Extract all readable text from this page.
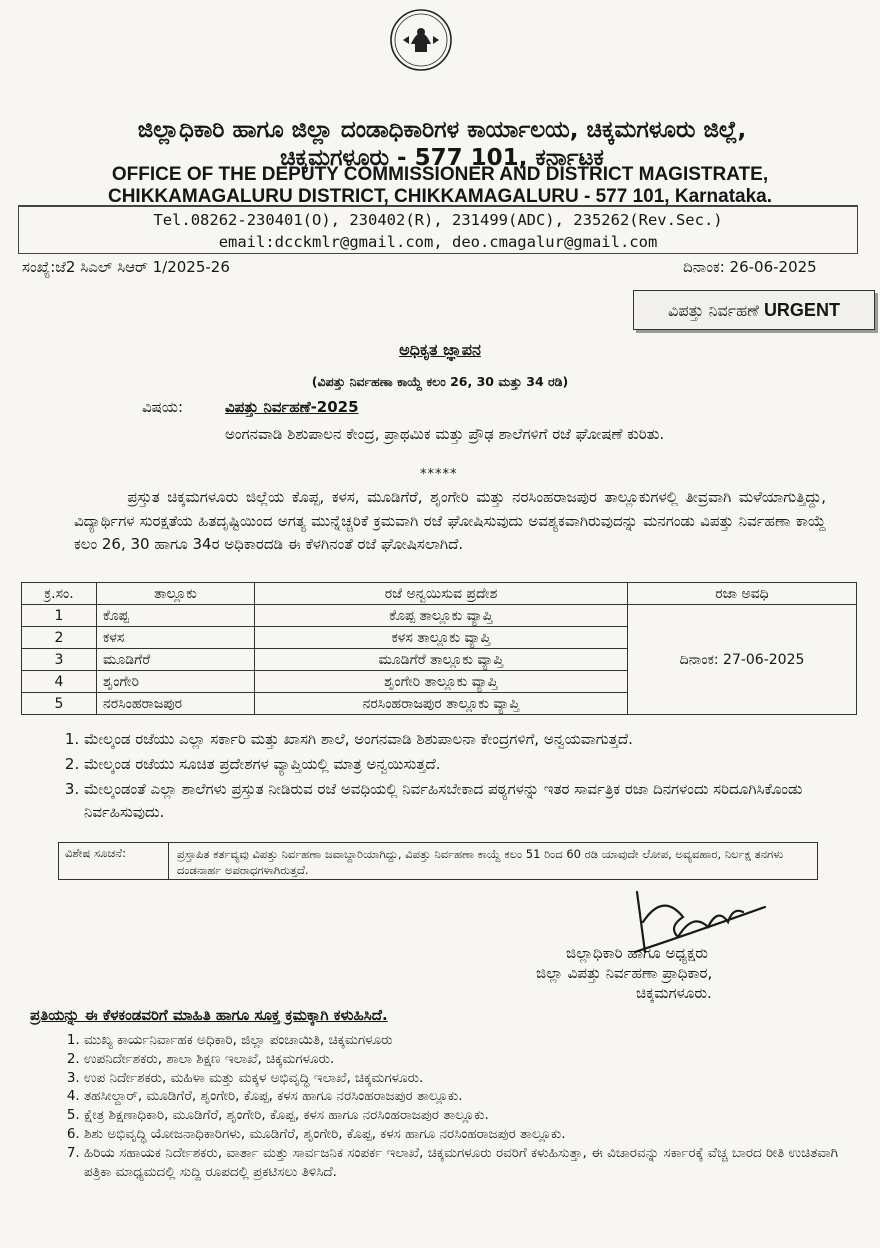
ಜಿಲ್ಲಾಧಿಕಾರಿ ಹಾಗೂ ಜಿಲ್ಲಾ ದಂಡಾಧಿಕಾರಿಗಳ ಕಾರ್ಯಾಲಯ, ಚಿಕ್ಕಮಗಳೂರು ಜಿಲ್ಲೆ,
ಚಿಕ್ಕಮಗಳೂರು - 577 101, ಕರ್ನಾಟಕ
OFFICE OF THE DEPUTY COMMISSIONER AND DISTRICT MAGISTRATE,
CHIKKAMAGALURU DISTRICT, CHIKKAMAGALURU - 577 101, Karnataka.
Tel.08262-230401(O), 230402(R), 231499(ADC), 235262(Rev.Sec.)
email:dcckmlr@gmail.com, deo.cmagalur@gmail.com
ಸಂಖ್ಯೆ:ಜೆ2 ಸಿಎಲ್ ಸಿಆರ್ 1/2025-26	ದಿನಾಂಕ: 26-06-2025
ವಿಪತ್ತು ನಿರ್ವಹಣೆ URGENT
ಅಧಿಕೃತ ಜ್ಞಾಪನ
(ವಿಪತ್ತು ನಿರ್ವಹಣಾ ಕಾಯ್ದೆ ಕಲಂ 26, 30 ಮತ್ತು 34 ರಡಿ)
ವಿಷಯ:	ವಿಪತ್ತು ನಿರ್ವಹಣೆ-2025
ಅಂಗನವಾಡಿ ಶಿಶುಪಾಲನ ಕೇಂದ್ರ, ಪ್ರಾಥಮಿಕ ಮತ್ತು ಪ್ರೌಢ ಶಾಲೆಗಳಿಗೆ ರಜೆ ಘೋಷಣೆ ಕುರಿತು.
*****
ಪ್ರಸ್ತುತ ಚಿಕ್ಕಮಗಳೂರು ಜಿಲ್ಲೆಯ ಕೊಪ್ಪ, ಕಳಸ, ಮೂಡಿಗೆರೆ, ಶೃಂಗೇರಿ ಮತ್ತು ನರಸಿಂಹರಾಜಪುರ ತಾಲ್ಲೂಕುಗಳಲ್ಲಿ ತೀವ್ರವಾಗಿ ಮಳೆಯಾಗುತ್ತಿದ್ದು, ವಿದ್ಯಾರ್ಥಿಗಳ ಸುರಕ್ಷತೆಯ ಹಿತದೃಷ್ಟಿಯಿಂದ ಅಗತ್ಯ ಮುನ್ನೆಚ್ಚರಿಕೆ ಕ್ರಮವಾಗಿ ರಜೆ ಘೋಷಿಸುವುದು ಅವಶ್ಯಕವಾಗಿರುವುದನ್ನು ಮನಗಂಡು ವಿಪತ್ತು ನಿರ್ವಹಣಾ ಕಾಯ್ದೆ ಕಲಂ 26, 30 ಹಾಗೂ 34ರ ಅಧಿಕಾರದಡಿ ಈ ಕೆಳಗಿನಂತೆ ರಜೆ ಘೋಷಿಸಲಾಗಿದೆ.
ಕ್ರ.ಸಂ.	ತಾಲ್ಲೂಕು	ರಜೆ ಅನ್ವಯಿಸುವ ಪ್ರದೇಶ	ರಜಾ ಅವಧಿ
1	ಕೊಪ್ಪ	ಕೊಪ್ಪ ತಾಲ್ಲೂಕು ವ್ಯಾಪ್ತಿ	ದಿನಾಂಕ: 27-06-2025
2	ಕಳಸ	ಕಳಸ ತಾಲ್ಲೂಕು ವ್ಯಾಪ್ತಿ	
3	ಮೂಡಿಗೆರೆ	ಮೂಡಿಗೆರೆ ತಾಲ್ಲೂಕು ವ್ಯಾಪ್ತಿ	
4	ಶೃಂಗೇರಿ	ಶೃಂಗೇರಿ ತಾಲ್ಲೂಕು ವ್ಯಾಪ್ತಿ	
5	ನರಸಿಂಹರಾಜಪುರ	ನರಸಿಂಹರಾಜಪುರ ತಾಲ್ಲೂಕು ವ್ಯಾಪ್ತಿ	
1. ಮೇಲ್ಕಂಡ ರಜೆಯು ಎಲ್ಲಾ ಸರ್ಕಾರಿ ಮತ್ತು ಖಾಸಗಿ ಶಾಲೆ, ಅಂಗನವಾಡಿ ಶಿಶುಪಾಲನಾ ಕೇಂದ್ರಗಳಿಗೆ, ಅನ್ವಯವಾಗುತ್ತದೆ.
2. ಮೇಲ್ಕಂಡ ರಜೆಯು ಸೂಚಿತ ಪ್ರದೇಶಗಳ ವ್ಯಾಪ್ತಿಯಲ್ಲಿ ಮಾತ್ರ ಅನ್ವಯಿಸುತ್ತದೆ.
3. ಮೇಲ್ಕಂಡಂತೆ ಎಲ್ಲಾ ಶಾಲೆಗಳು ಪ್ರಸ್ತುತ ನೀಡಿರುವ ರಜೆ ಅವಧಿಯಲ್ಲಿ ನಿರ್ವಹಿಸಬೇಕಾದ ಪಠ್ಯಗಳನ್ನು ಇತರ ಸಾರ್ವತ್ರಿಕ ರಜಾ ದಿನಗಳಂದು ಸರಿದೂಗಿಸಿಕೊಂಡು ನಿರ್ವಹಿಸುವುದು.
ವಿಶೇಷ ಸೂಚನೆ:	ಪ್ರಸ್ತಾಪಿತ ಕರ್ತವ್ಯವು ವಿಪತ್ತು ನಿರ್ವಹಣಾ ಜವಾಬ್ದಾರಿಯಾಗಿದ್ದು, ವಿಪತ್ತು ನಿರ್ವಹಣಾ ಕಾಯ್ದೆ ಕಲಂ 51 ರಿಂದ 60 ರಡಿ ಯಾವುದೇ ಲೋಪ, ಅವ್ಯವಹಾರ, ನಿರ್ಲಕ್ಷ ತನಗಳು ದಂಡನಾರ್ಹ ಅಪರಾಧಗಳಾಗಿರುತ್ತದೆ.
ಜಿಲ್ಲಾಧಿಕಾರಿ ಹಾಗೂ ಅಧ್ಯಕ್ಷರು
ಜಿಲ್ಲಾ ವಿಪತ್ತು ನಿರ್ವಹಣಾ ಪ್ರಾಧಿಕಾರ,
ಚಿಕ್ಕಮಗಳೂರು.
ಪ್ರತಿಯನ್ನು ಈ ಕೆಳಕಂಡವರಿಗೆ ಮಾಹಿತಿ ಹಾಗೂ ಸೂಕ್ತ ಕ್ರಮಕ್ಕಾಗಿ ಕಳುಹಿಸಿದೆ.
1. ಮುಖ್ಯ ಕಾರ್ಯನಿರ್ವಾಹಕ ಅಧಿಕಾರಿ, ಜಿಲ್ಲಾ ಪಂಚಾಯಿತಿ, ಚಿಕ್ಕಮಗಳೂರು
2. ಉಪನಿರ್ದೇಶಕರು, ಶಾಲಾ ಶಿಕ್ಷಣ ಇಲಾಖೆ, ಚಿಕ್ಕಮಗಳೂರು.
3. ಉಪ ನಿರ್ದೇಶಕರು, ಮಹಿಳಾ ಮತ್ತು ಮಕ್ಕಳ ಅಭಿವೃದ್ಧಿ ಇಲಾಖೆ, ಚಿಕ್ಕಮಗಳೂರು.
4. ತಹಸೀಲ್ದಾರ್, ಮೂಡಿಗೆರೆ, ಶೃಂಗೇರಿ, ಕೊಪ್ಪ, ಕಳಸ ಹಾಗೂ ನರಸಿಂಹರಾಜಪುರ ತಾಲ್ಲೂಕು.
5. ಕ್ಷೇತ್ರ ಶಿಕ್ಷಣಾಧಿಕಾರಿ, ಮೂಡಿಗೆರೆ, ಶೃಂಗೇರಿ, ಕೊಪ್ಪ, ಕಳಸ ಹಾಗೂ ನರಸಿಂಹರಾಜಪುರ ತಾಲ್ಲೂಕು.
6. ಶಿಶು ಅಭಿವೃದ್ಧಿ ಯೋಜನಾಧಿಕಾರಿಗಳು, ಮೂಡಿಗೆರೆ, ಶೃಂಗೇರಿ, ಕೊಪ್ಪ, ಕಳಸ ಹಾಗೂ ನರಸಿಂಹರಾಜಪುರ ತಾಲ್ಲೂಕು.
7. ಹಿರಿಯ ಸಹಾಯಕ ನಿರ್ದೇಶಕರು, ವಾರ್ತಾ ಮತ್ತು ಸಾರ್ವಜನಿಕ ಸಂಪರ್ಕ ಇಲಾಖೆ, ಚಿಕ್ಕಮಗಳೂರು ರವರಿಗೆ ಕಳುಹಿಸುತ್ತಾ, ಈ ವಿಚಾರವನ್ನು ಸರ್ಕಾರಕ್ಕೆ ವೆಚ್ಚ ಬಾರದ ರೀತಿ ಉಚಿತವಾಗಿ ಪತ್ರಿಕಾ ಮಾಧ್ಯಮದಲ್ಲಿ ಸುದ್ದಿ ರೂಪದಲ್ಲಿ ಪ್ರಕಟಿಸಲು ತಿಳಿಸಿದೆ.
